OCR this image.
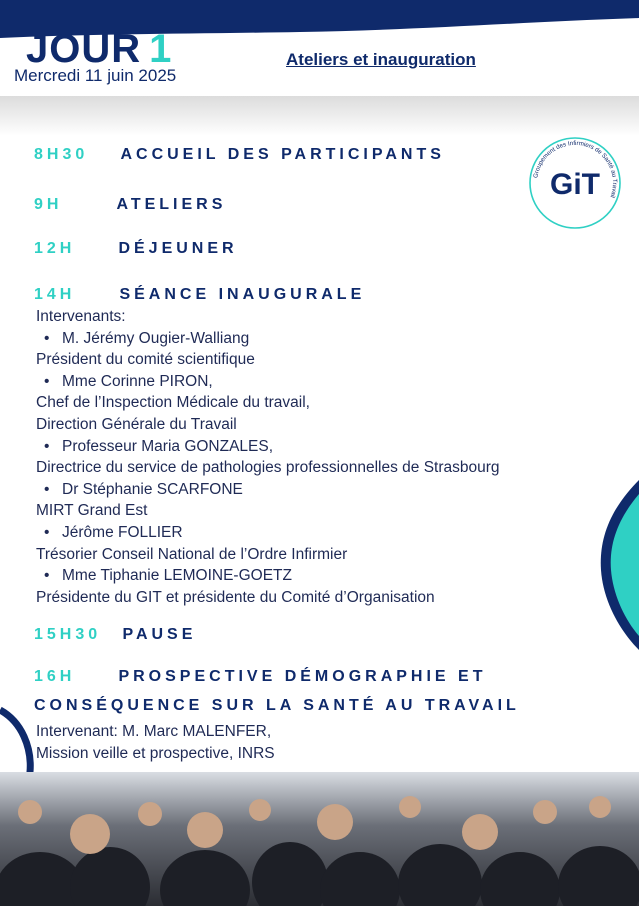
JOUR 1
Mercredi 11 juin 2025
Ateliers et inauguration
Groupement des Infirmiers de Santé au Travail
GiT
8H30 ACCUEIL DES PARTICIPANTS
9H	ATELIERS
12H	DÉJEUNER
14H	SÉANCE INAUGURALE
Intervenants:
• M. Jérémy Ougier-Walliang
Président du comité scientifique
• Mme Corinne PIRON,
Chef de l’Inspection Médicale du travail,
Direction Générale du Travail
• Professeur Maria GONZALES,
Directrice du service de pathologies professionnelles de Strasbourg
• Dr Stéphanie SCARFONE
MIRT Grand Est
• Jérôme FOLLIER
Trésorier Conseil National de l’Ordre Infirmier
• Mme Tiphanie LEMOINE-GOETZ
Présidente du GIT et présidente du Comité d’Organisation
15H30 PAUSE
16H	PROSPECTIVE DÉMOGRAPHIE ET
CONSÉQUENCE SUR LA SANTÉ AU TRAVAIL
Intervenant: M. Marc MALENFER,
Mission veille et prospective, INRS
